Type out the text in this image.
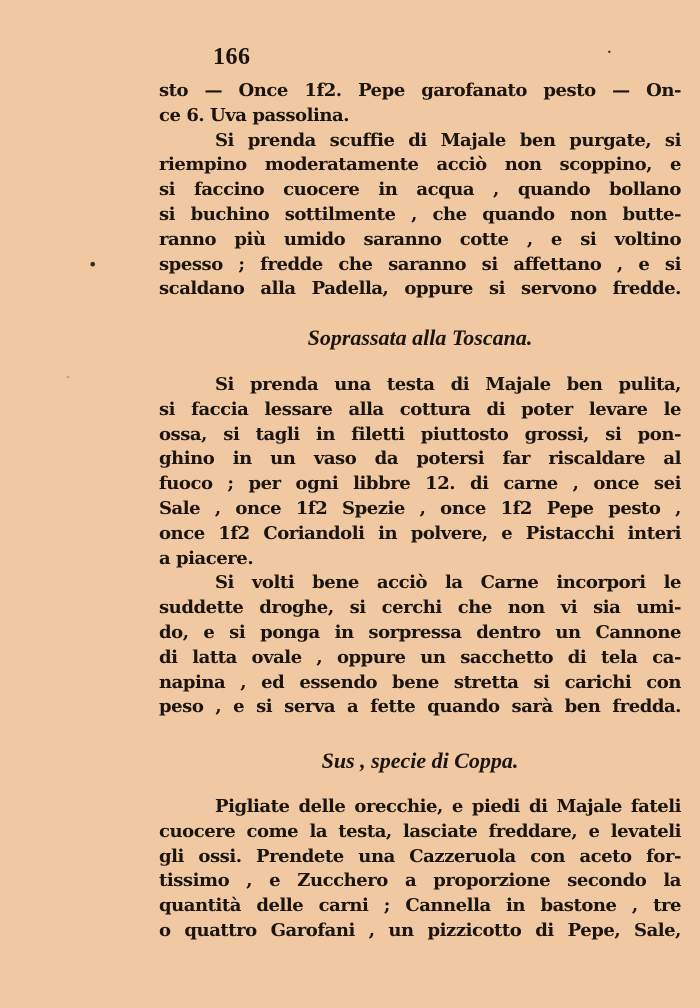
166
sto — Once 1f2. Pepe garofanato pesto — On-
ce 6. Uva passolina.
Si prenda scuffie di Majale ben purgate, si
riempino moderatamente acciò non scoppino, e
si faccino cuocere in acqua , quando bollano
si buchino sottilmente , che quando non butte-
ranno più umido saranno cotte , e si voltino
spesso ; fredde che saranno si affettano , e si
scaldano alla Padella, oppure si servono fredde.
Soprassata alla Toscana.
Si prenda una testa di Majale ben pulita,
si faccia lessare alla cottura di poter levare le
ossa, si tagli in filetti piuttosto grossi, si pon-
ghino in un vaso da potersi far riscaldare al
fuoco ; per ogni libbre 12. di carne , once sei
Sale , once 1f2 Spezie , once 1f2 Pepe pesto ,
once 1f2 Coriandoli in polvere, e Pistacchi interi
a piacere.
Si volti bene acciò la Carne incorpori le
suddette droghe, si cerchi che non vi sia umi-
do, e si ponga in sorpressa dentro un Cannone
di latta ovale , oppure un sacchetto di tela ca-
napina , ed essendo bene stretta si carichi con
peso , e si serva a fette quando sarà ben fredda.
Sus , specie di Coppa.
Pigliate delle orecchie, e piedi di Majale fateli
cuocere come la testa, lasciate freddare, e levateli
gli ossi. Prendete una Cazzeruola con aceto for-
tissimo , e Zucchero a proporzione secondo la
quantità delle carni ; Cannella in bastone , tre
o quattro Garofani , un pizzicotto di Pepe, Sale,
•
•
-
